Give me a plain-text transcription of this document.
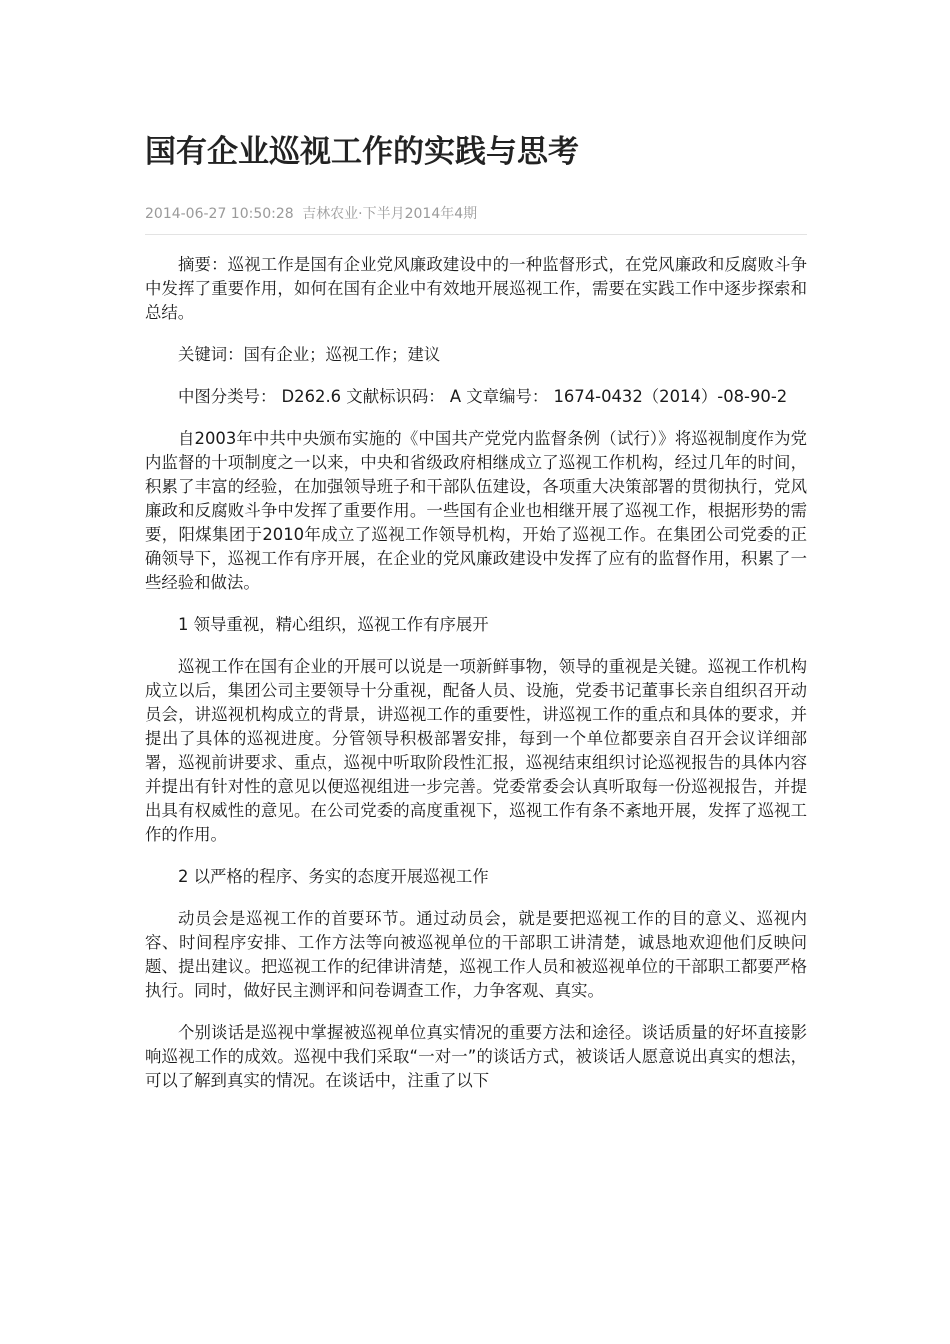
国有企业巡视工作的实践与思考
2014-06-27 10:50:28 吉林农业·下半月2014年4期

摘要：巡视工作是国有企业党风廉政建设中的一种监督形式，在党风廉政和反腐败斗争中发挥了重要作用，如何在国有企业中有效地开展巡视工作，需要在实践工作中逐步探索和总结。

关键词：国有企业；巡视工作；建议

中图分类号： D262.6 文献标识码： A 文章编号： 1674-0432（2014）-08-90-2

自2003年中共中央颁布实施的《中国共产党党内监督条例（试行）》将巡视制度作为党内监督的十项制度之一以来，中央和省级政府相继成立了巡视工作机构，经过几年的时间，积累了丰富的经验，在加强领导班子和干部队伍建设，各项重大决策部署的贯彻执行，党风廉政和反腐败斗争中发挥了重要作用。一些国有企业也相继开展了巡视工作，根据形势的需要，阳煤集团于2010年成立了巡视工作领导机构，开始了巡视工作。在集团公司党委的正确领导下，巡视工作有序开展，在企业的党风廉政建设中发挥了应有的监督作用，积累了一些经验和做法。

1 领导重视，精心组织，巡视工作有序展开

巡视工作在国有企业的开展可以说是一项新鲜事物，领导的重视是关键。巡视工作机构成立以后，集团公司主要领导十分重视，配备人员、设施，党委书记董事长亲自组织召开动员会，讲巡视机构成立的背景，讲巡视工作的重要性，讲巡视工作的重点和具体的要求，并提出了具体的巡视进度。分管领导积极部署安排，每到一个单位都要亲自召开会议详细部署，巡视前讲要求、重点，巡视中听取阶段性汇报，巡视结束组织讨论巡视报告的具体内容并提出有针对性的意见以便巡视组进一步完善。党委常委会认真听取每一份巡视报告，并提出具有权威性的意见。在公司党委的高度重视下，巡视工作有条不紊地开展，发挥了巡视工作的作用。

2 以严格的程序、务实的态度开展巡视工作

动员会是巡视工作的首要环节。通过动员会，就是要把巡视工作的目的意义、巡视内容、时间程序安排、工作方法等向被巡视单位的干部职工讲清楚，诚恳地欢迎他们反映问题、提出建议。把巡视工作的纪律讲清楚，巡视工作人员和被巡视单位的干部职工都要严格执行。同时，做好民主测评和问卷调查工作，力争客观、真实。

个别谈话是巡视中掌握被巡视单位真实情况的重要方法和途径。谈话质量的好坏直接影响巡视工作的成效。巡视中我们采取“一对一”的谈话方式，被谈话人愿意说出真实的想法，可以了解到真实的情况。在谈话中，注重了以下
